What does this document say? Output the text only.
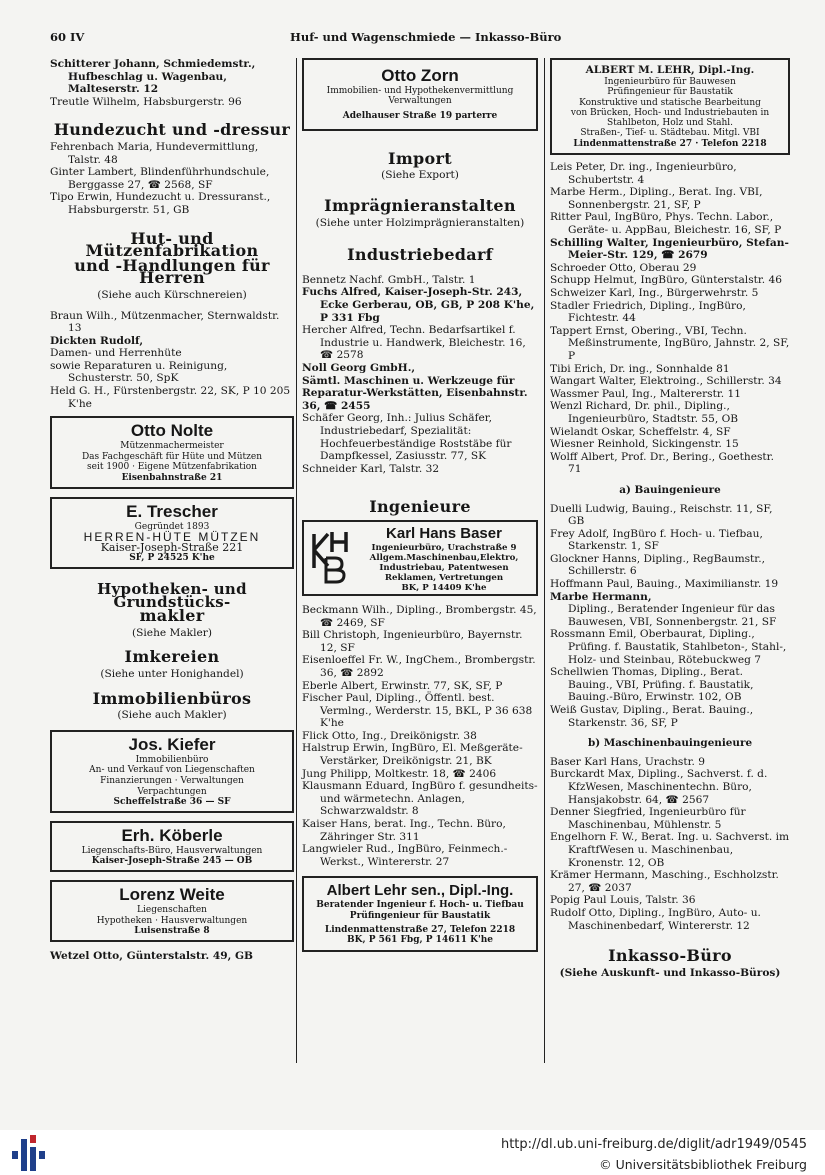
60 IV	Huf- und Wagenschmiede — Inkasso-Büro

Schitterer Johann, Schmiedemstr., Hufbeschlag u. Wagenbau, Malteserstr. 12

Treutle Wilhelm, Habsburgerstr. 96

Hundezucht und -dressur

Fehrenbach Maria, Hundevermittlung, Talstr. 48

Ginter Lambert, Blindenführhundschule, Berggasse 27, ☎ 2568, SF

Tipo Erwin, Hundezucht u. Dressuranst., Habsburgerstr. 51, GB

Hut- und Mützenfabrikation
und -Handlungen für Herren
(Siehe auch Kürschnereien)

Braun Wilh., Mützenmacher, Sternwaldstr. 13

Dickten Rudolf,

Damen- und Herrenhüte

sowie Reparaturen u. Reinigung,

Schusterstr. 50, SpK

Held G. H., Fürstenbergstr. 22, SK, P 10 205 K'he

Otto Nolte
Mützenmachermeister
Das Fachgeschäft für Hüte und Mützen
seit 1900 · Eigene Mützenfabrikation
Eisenbahnstraße 21
E. Trescher
Gegründet 1893
HERREN-HÜTE MÜTZEN
Kaiser-Joseph-Straße 221
SF, P 24525 K'he
Hypotheken- und Grundstücks-
makler
(Siehe Makler)
Imkereien
(Siehe unter Honighandel)
Immobilienbüros
(Siehe auch Makler)
Jos. Kiefer
Immobilienbüro
An- und Verkauf von Liegenschaften
Finanzierungen · Verwaltungen
Verpachtungen
Scheffelstraße 36 — SF
Erh. Köberle
Liegenschafts-Büro, Hausverwaltungen
Kaiser-Joseph-Straße 245 — OB
Lorenz Weite
Liegenschaften
Hypotheken · Hausverwaltungen
Luisenstraße 8

Wetzel Otto, Günterstalstr. 49, GB

Otto Zorn
Immobilien- und Hypothekenvermittlung
Verwaltungen
Adelhauser Straße 19 parterre
Import
(Siehe Export)
Imprägnieranstalten
(Siehe unter Holzimprägnieranstalten)
Industriebedarf

Bennetz Nachf. GmbH., Talstr. 1

Fuchs Alfred, Kaiser-Joseph-Str. 243, Ecke Gerberau, OB, GB, P 208 K'he, P 331 Fbg

Hercher Alfred, Techn. Bedarfsartikel f. Industrie u. Handwerk, Bleichestr. 16, ☎ 2578

Noll Georg GmbH.,

Sämtl. Maschinen u. Werkzeuge für Reparatur-Werkstätten, Eisenbahnstr. 36, ☎ 2455

Schäfer Georg, Inh.: Julius Schäfer, Industriebedarf, Spezialität: Hochfeuerbeständige Roststäbe für Dampfkessel, Zasiusstr. 77, SK

Schneider Karl, Talstr. 32

Ingenieure
Karl Hans Baser
Ingenieurbüro, Urachstraße 9
Allgem.Maschinenbau,Elektro,
Industriebau, Patentwesen
Reklamen, Vertretungen
BK, P 14409 K'he

Beckmann Wilh., Dipling., Brombergstr. 45, ☎ 2469, SF

Bill Christoph, Ingenieurbüro, Bayernstr. 12, SF

Eisenloeffel Fr. W., IngChem., Brombergstr. 36, ☎ 2892

Eberle Albert, Erwinstr. 77, SK, SF, P

Fischer Paul, Dipling., Öffentl. best. Vermlng., Werderstr. 15, BKL, P 36 638 K'he

Flick Otto, Ing., Dreikönigstr. 38

Halstrup Erwin, IngBüro, El. Meßgeräte-Verstärker, Dreikönigstr. 21, BK

Jung Philipp, Moltkestr. 18, ☎ 2406

Klausmann Eduard, IngBüro f. gesundheits- und wärmetechn. Anlagen, Schwarzwaldstr. 8

Kaiser Hans, berat. Ing., Techn. Büro, Zähringer Str. 311

Langwieler Rud., IngBüro, Feinmech.-Werkst., Wintererstr. 27

Albert Lehr sen., Dipl.-Ing.
Beratender Ingenieur f. Hoch- u. Tiefbau
Prüfingenieur für Baustatik
Lindenmattenstraße 27, Telefon 2218
BK, P 561 Fbg, P 14611 K'he
ALBERT M. LEHR, Dipl.-Ing.
Ingenieurbüro für Bauwesen
Prüfingenieur für Baustatik
Konstruktive und statische Bearbeitung
von Brücken, Hoch- und Industriebauten in Stahlbeton, Holz und Stahl.
Straßen-, Tief- u. Städtebau. Mitgl. VBI
Lindenmattenstraße 27 · Telefon 2218

Leis Peter, Dr. ing., Ingenieurbüro, Schubertstr. 4

Marbe Herm., Dipling., Berat. Ing. VBI, Sonnenbergstr. 21, SF, P

Ritter Paul, IngBüro, Phys. Techn. Labor., Geräte- u. AppBau, Bleichestr. 16, SF, P

Schilling Walter, Ingenieurbüro, Stefan-Meier-Str. 129, ☎ 2679

Schroeder Otto, Oberau 29

Schupp Helmut, IngBüro, Günterstalstr. 46

Schweizer Karl, Ing., Bürgerwehrstr. 5

Stadler Friedrich, Dipling., IngBüro, Fichtestr. 44

Tappert Ernst, Obering., VBI, Techn. Meßinstrumente, IngBüro, Jahnstr. 2, SF, P

Tibi Erich, Dr. ing., Sonnhalde 81

Wangart Walter, Elektroing., Schillerstr. 34

Wassmer Paul, Ing., Maltererstr. 11

Wenzl Richard, Dr. phil., Dipling., Ingenieurbüro, Stadtstr. 55, OB

Wielandt Oskar, Scheffelstr. 4, SF

Wiesner Reinhold, Sickingenstr. 15

Wolff Albert, Prof. Dr., Bering., Goethestr. 71

a) Bauingenieure

Duelli Ludwig, Bauing., Reischstr. 11, SF, GB

Frey Adolf, IngBüro f. Hoch- u. Tiefbau, Starkenstr. 1, SF

Glockner Hanns, Dipling., RegBaumstr., Schillerstr. 6

Hoffmann Paul, Bauing., Maximilianstr. 19

Marbe Hermann,

Dipling., Beratender Ingenieur für das Bauwesen, VBI, Sonnenbergstr. 21, SF

Rossmann Emil, Oberbaurat, Dipling., Prüfing. f. Baustatik, Stahlbeton-, Stahl-, Holz- und Steinbau, Rötebuckweg 7

Schellwien Thomas, Dipling., Berat. Bauing., VBI, Prüfing. f. Baustatik, Bauing.-Büro, Erwinstr. 102, OB

Weiß Gustav, Dipling., Berat. Bauing., Starkenstr. 36, SF, P

b) Maschinenbauingenieure

Baser Karl Hans, Urachstr. 9

Burckardt Max, Dipling., Sachverst. f. d. KfzWesen, Maschinentechn. Büro, Hansjakobstr. 64, ☎ 2567

Denner Siegfried, Ingenieurbüro für Maschinenbau, Mühlenstr. 5

Engelhorn F. W., Berat. Ing. u. Sachverst. im KraftfWesen u. Maschinenbau, Kronenstr. 12, OB

Krämer Hermann, Masching., Eschholzstr. 27, ☎ 2037

Popig Paul Louis, Talstr. 36

Rudolf Otto, Dipling., IngBüro, Auto- u. Maschinenbedarf, Wintererstr. 12

Inkasso-Büro
(Siehe Auskunft- und Inkasso-Büros)
http://dl.ub.uni-freiburg.de/diglit/adr1949/0545
© Universitätsbibliothek Freiburg
